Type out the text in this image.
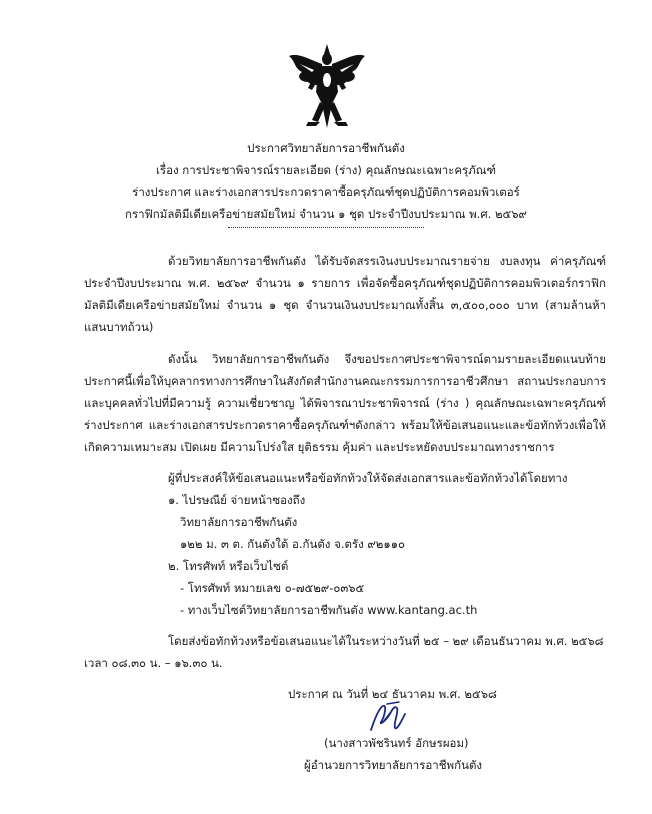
ประกาศวิทยาลัยการอาชีพกันตัง
เรื่อง การประชาพิจารณ์รายละเอียด (ร่าง) คุณลักษณะเฉพาะครุภัณฑ์
ร่างประกาศ และร่างเอกสารประกวดราคาซื้อครุภัณฑ์ชุดปฏิบัติการคอมพิวเตอร์
กราฟิกมัลติมีเดียเครือข่ายสมัยใหม่ จำนวน ๑ ชุด ประจำปีงบประมาณ พ.ศ. ๒๕๖๙
ด้วยวิทยาลัยการอาชีพกันตัง ได้รับจัดสรรเงินงบประมาณรายจ่าย งบลงทุน ค่าครุภัณฑ์
ประจำปีงบประมาณ พ.ศ. ๒๕๖๙ จำนวน ๑ รายการ เพื่อจัดซื้อครุภัณฑ์ชุดปฏิบัติการคอมพิวเตอร์กราฟิก
มัลติมีเดียเครือข่ายสมัยใหม่ จำนวน ๑ ชุด จำนวนเงินงบประมาณทั้งสิ้น ๓,๕๐๐,๐๐๐ บาท (สามล้านห้า
แสนบาทถ้วน)
ดังนั้น วิทยาลัยการอาชีพกันตัง จึงขอประกาศประชาพิจารณ์ตามรายละเอียดแนบท้าย
ประกาศนี้เพื่อให้บุคลากรทางการศึกษาในสังกัดสำนักงานคณะกรรมการการอาชีวศึกษา สถานประกอบการ
และบุคคลทั่วไปที่มีความรู้ ความเชี่ยวชาญ ได้พิจารณาประชาพิจารณ์ (ร่าง ) คุณลักษณะเฉพาะครุภัณฑ์
ร่างประกาศ และร่างเอกสารประกวดราคาซื้อครุภัณฑ์ฯดังกล่าว พร้อมให้ข้อเสนอแนะและข้อทักท้วงเพื่อให้
เกิดความเหมาะสม เปิดเผย มีความโปร่งใส ยุติธรรม คุ้มค่า และประหยัดงบประมาณทางราชการ
ผู้ที่ประสงค์ให้ข้อเสนอแนะหรือข้อทักท้วงให้จัดส่งเอกสารและข้อทักท้วงได้โดยทาง
๑. ไปรษณีย์ จ่ายหน้าซองถึง
วิทยาลัยการอาชีพกันตัง
๑๒๒ ม. ๓ ต. กันตังใต้ อ.กันตัง จ.ตรัง ๙๒๑๑๐
๒. โทรศัพท์ หรือเว็บไซต์
- โทรศัพท์ หมายเลข ๐-๗๕๒๙-๐๓๖๕
- ทางเว็บไซต์วิทยาลัยการอาชีพกันตัง www.kantang.ac.th
โดยส่งข้อทักท้วงหรือข้อเสนอแนะได้ในระหว่างวันที่ ๒๕ – ๒๙ เดือนธันวาคม พ.ศ. ๒๕๖๘
เวลา ๐๘.๓๐ น. – ๑๖.๓๐ น.
ประกาศ ณ วันที่ ๒๔ ธันวาคม พ.ศ. ๒๕๖๘
(นางสาวพัชรินทร์ อักษรผอม)
ผู้อำนวยการวิทยาลัยการอาชีพกันตัง
